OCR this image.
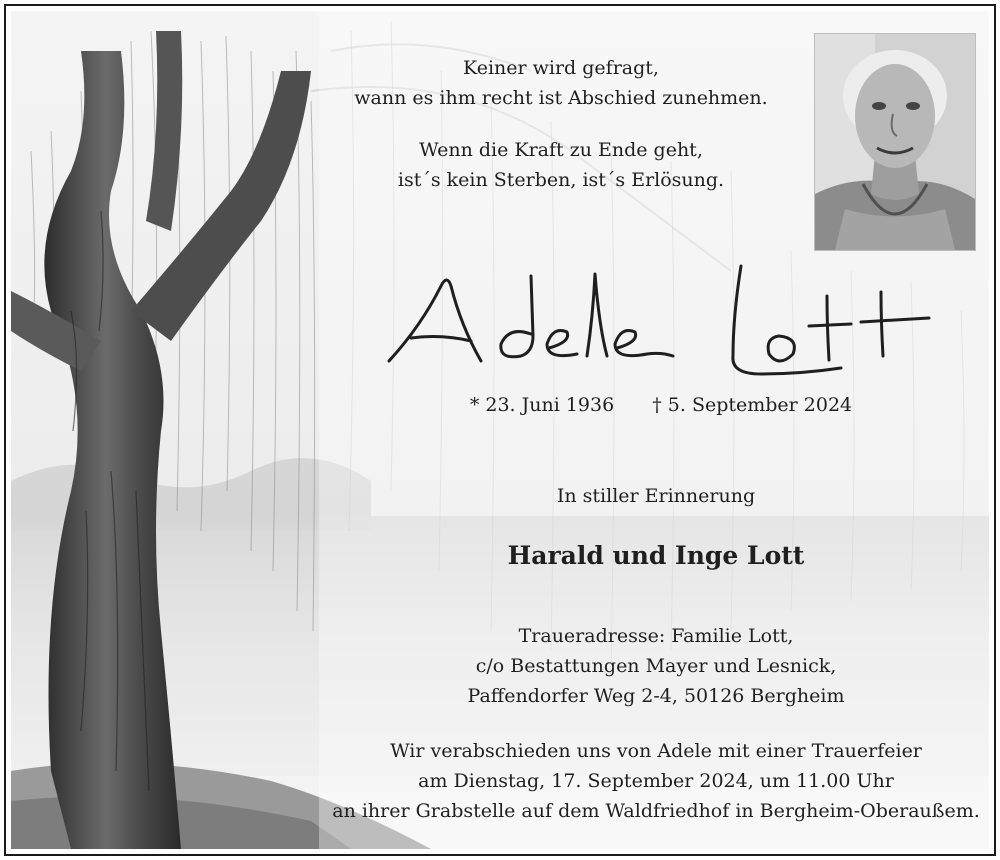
Keiner wird gefragt,
wann es ihm recht ist Abschied zunehmen.
Wenn die Kraft zu Ende geht,
ist´s kein Sterben, ist´s Erlösung.
* 23. Juni 1936 † 5. September 2024
In stiller Erinnerung
Harald und Inge Lott
Traueradresse: Familie Lott,
c/o Bestattungen Mayer und Lesnick,
Paffendorfer Weg 2-4, 50126 Bergheim
Wir verabschieden uns von Adele mit einer Trauerfeier
am Dienstag, 17. September 2024, um 11.00 Uhr
an ihrer Grabstelle auf dem Waldfriedhof in Bergheim-Oberaußem.
